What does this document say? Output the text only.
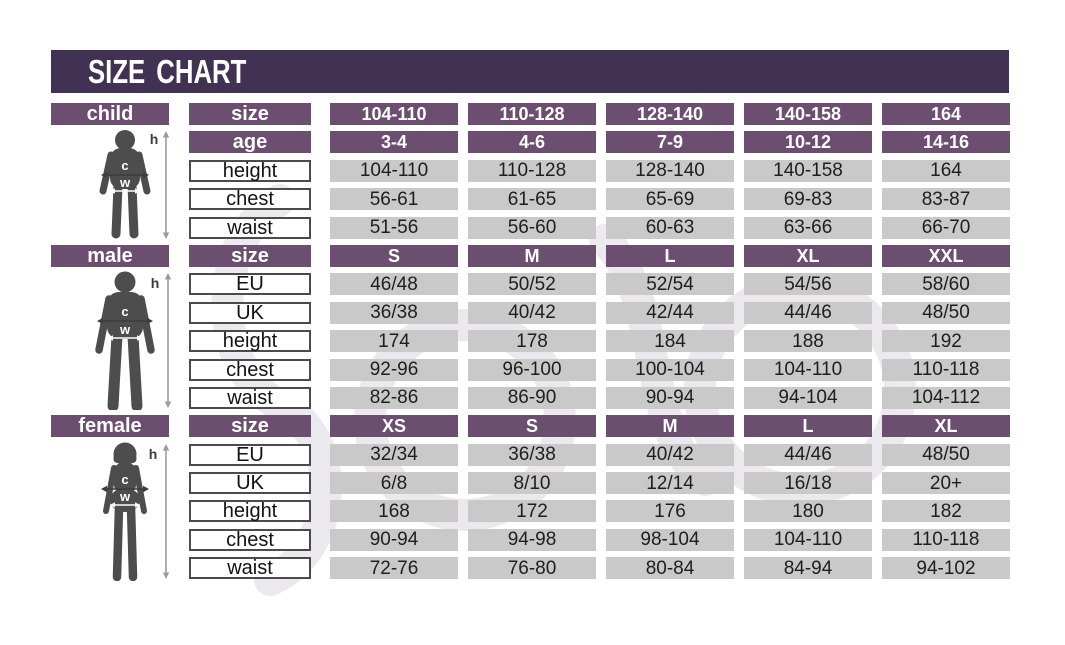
SIZE CHART
child	size	104-110	110-128	128-140	140-158	164
age	3-4	4-6	7-9	10-12	14-16
height	104-110	110-128	128-140	140-158	164
chest	56-61	61-65	65-69	69-83	83-87
waist	51-56	56-60	60-63	63-66	66-70
male	size	S	M	L	XL	XXL
EU	46/48	50/52	52/54	54/56	58/60
UK	36/38	40/42	42/44	44/46	48/50
height	174	178	184	188	192
chest	92-96	96-100	100-104	104-110	110-118
waist	82-86	86-90	90-94	94-104	104-112
female	size	XS	S	M	L	XL
EU	32/34	36/38	40/42	44/46	48/50
UK	6/8	8/10	12/14	16/18	20+
height	168	172	176	180	182
chest	90-94	94-98	98-104	104-110	110-118
waist	72-76	76-80	80-84	84-94	94-102
c
w
h
c
w
h
c
w
h
